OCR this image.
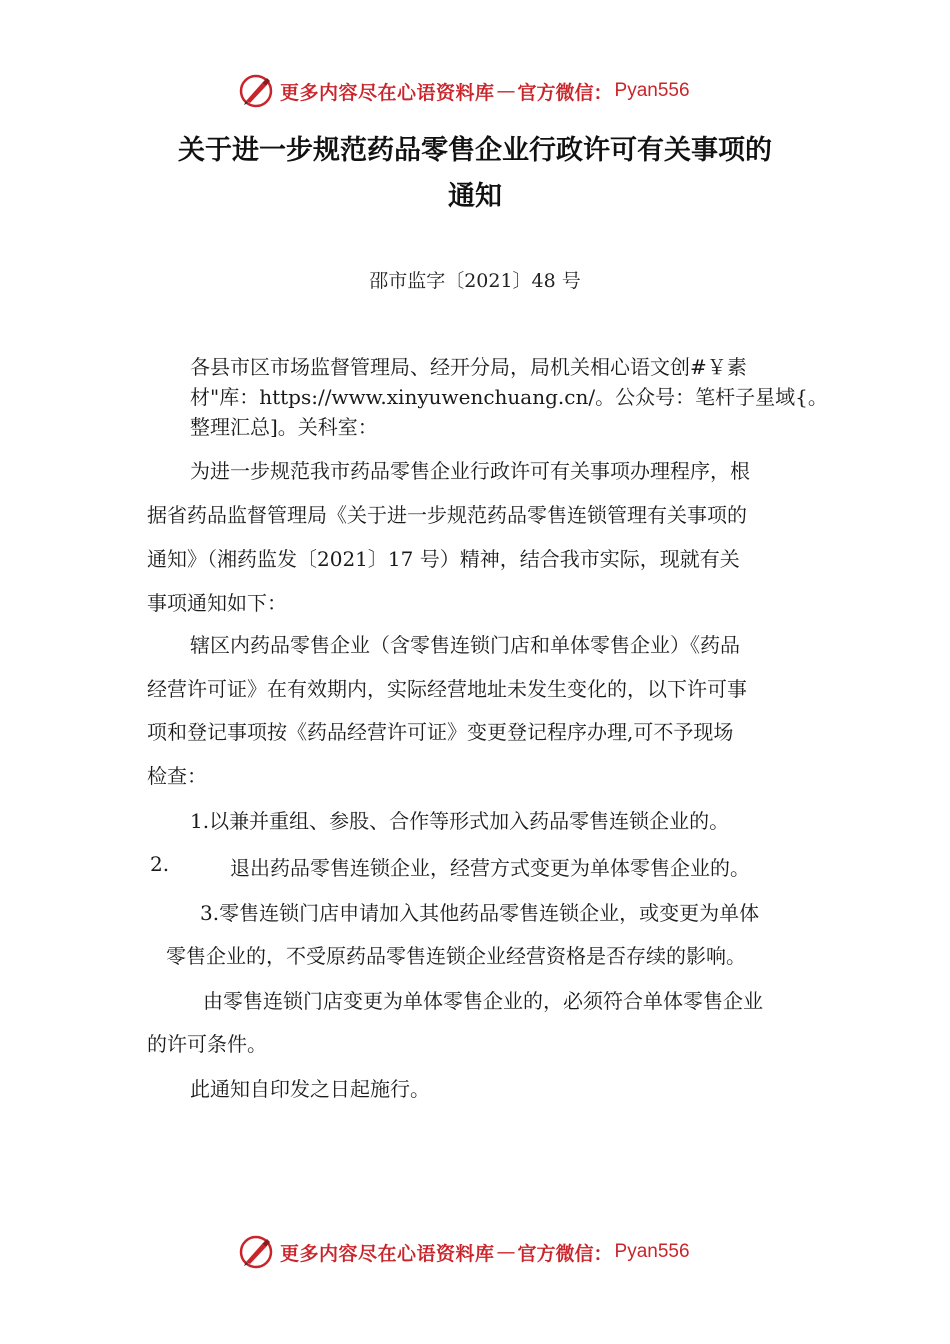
更多内容尽在心语资料库 — 官方微信： Pyan556
关于进一步规范药品零售企业行政许可有关事项的
通知
邵市监字〔2021〕48 号
各县市区市场监督管理局、经开分局，局机关相心语文创#￥素
材"库：https://www.xinyuwenchuang.cn/。公众号：笔杆子星域{。
整理汇总]。关科室：
为进一步规范我市药品零售企业行政许可有关事项办理程序，根
据省药品监督管理局《关于进一步规范药品零售连锁管理有关事项的
通知》（湘药监发〔2021〕17 号）精神，结合我市实际，现就有关
事项通知如下：
辖区内药品零售企业（含零售连锁门店和单体零售企业）《药品
经营许可证》在有效期内，实际经营地址未发生变化的，以下许可事
项和登记事项按《药品经营许可证》变更登记程序办理,可不予现场
检查：
1.以兼并重组、参股、合作等形式加入药品零售连锁企业的。
2.	退出药品零售连锁企业，经营方式变更为单体零售企业的。
3.零售连锁门店申请加入其他药品零售连锁企业，或变更为单体
零售企业的，不受原药品零售连锁企业经营资格是否存续的影响。
由零售连锁门店变更为单体零售企业的，必须符合单体零售企业
的许可条件。
此通知自印发之日起施行。
更多内容尽在心语资料库 — 官方微信： Pyan556
